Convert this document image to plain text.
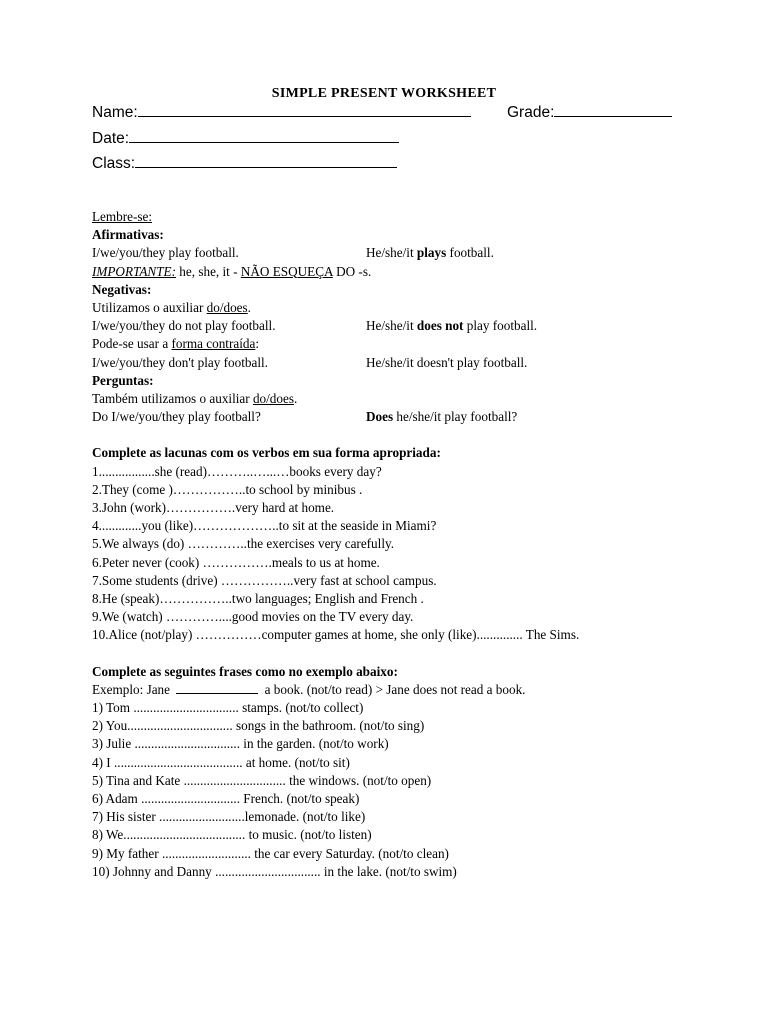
SIMPLE PRESENT WORKSHEET
Name:	Grade:
Date:
Class:
Lembre-se:
Afirmativas:
I/we/you/they play football.	He/she/it plays football.
IMPORTANTE: he, she, it - NÃO ESQUEÇA DO -s.
Negativas:
Utilizamos o auxiliar do/does.
I/we/you/they do not play football.	He/she/it does not play football.
Pode-se usar a forma contraída:
I/we/you/they don't play football.	He/she/it doesn't play football.
Perguntas:
Também utilizamos o auxiliar do/does.
Do I/we/you/they play football?	Does he/she/it play football?
Complete as lacunas com os verbos em sua forma apropriada:
1.................she (read)………..…...…books every day?
2.They (come )……………..to school by minibus .
3.John (work)…………….very hard at home.
4.............you (like)………………..to sit at the seaside in Miami?
5.We always (do) …………..the exercises very carefully.
6.Peter never (cook) …………….meals to us at home.
7.Some students (drive) ……………..very fast at school campus.
8.He (speak)……………..two languages; English and French .
9.We (watch) …………....good movies on the TV every day.
10.Alice (not/play) ……………computer games at home, she only (like).............. The Sims.
Complete as seguintes frases como no exemplo abaixo:
Exemplo: Jane	a book. (not/to read) > Jane does not read a book.
1) Tom ................................ stamps. (not/to collect)
2) You................................ songs in the bathroom. (not/to sing)
3) Julie ................................ in the garden. (not/to work)
4) I ....................................... at home. (not/to sit)
5) Tina and Kate ............................... the windows. (not/to open)
6) Adam .............................. French. (not/to speak)
7) His sister ..........................lemonade. (not/to like)
8) We..................................... to music. (not/to listen)
9) My father ........................... the car every Saturday. (not/to clean)
10) Johnny and Danny ................................ in the lake. (not/to swim)
